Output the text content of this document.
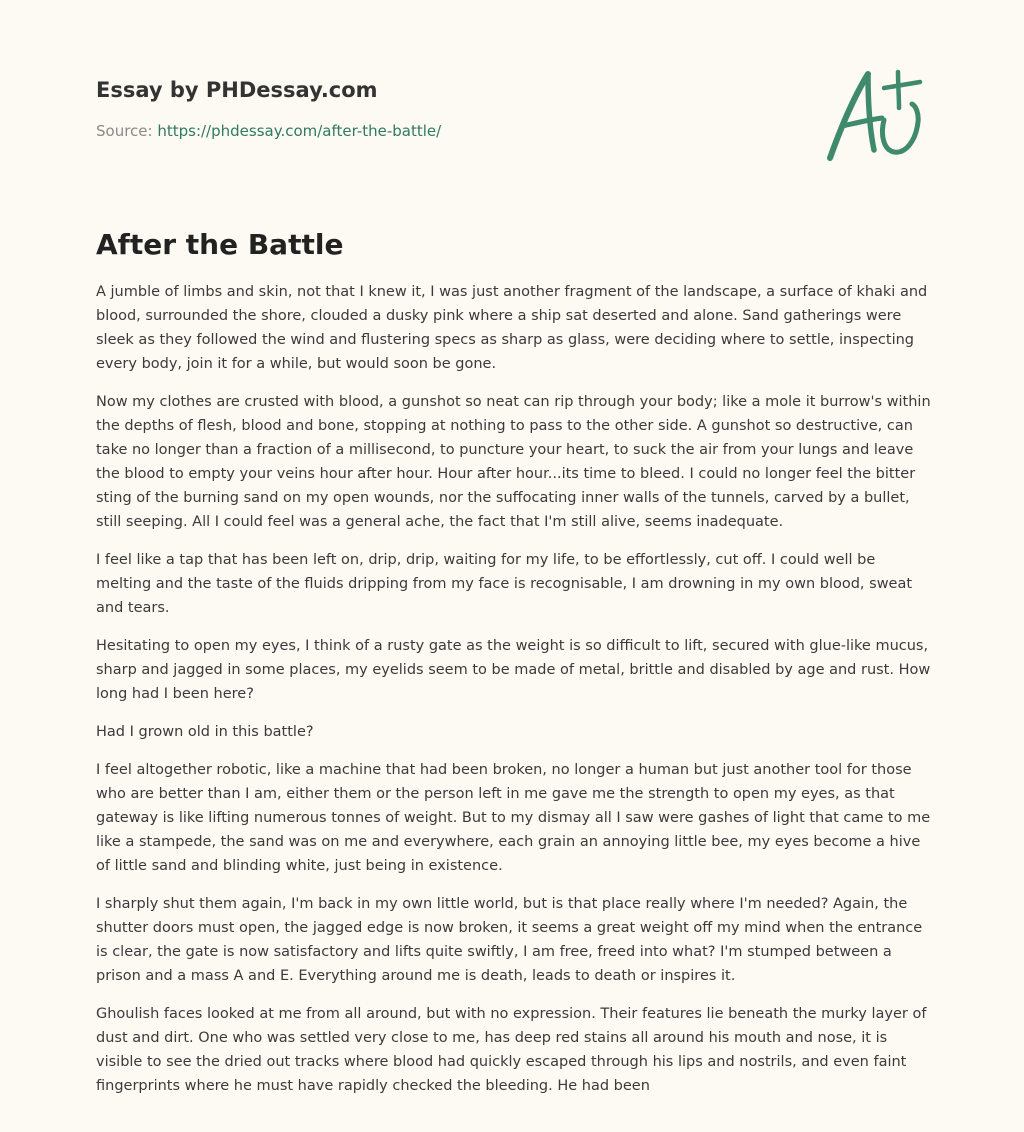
Essay by PHDessay.com
Source: https://phdessay.com/after-the-battle/
After the Battle

A jumble of limbs and skin, not that I knew it, I was just another fragment of the landscape, a surface of khaki and blood, surrounded the shore, clouded a dusky pink where a ship sat deserted and alone. Sand gatherings were sleek as they followed the wind and flustering specs as sharp as glass, were deciding where to settle, inspecting every body, join it for a while, but would soon be gone.

Now my clothes are crusted with blood, a gunshot so neat can rip through your body; like a mole it burrow's within the depths of flesh, blood and bone, stopping at nothing to pass to the other side. A gunshot so destructive, can take no longer than a fraction of a millisecond, to puncture your heart, to suck the air from your lungs and leave the blood to empty your veins hour after hour. Hour after hour...its time to bleed. I could no longer feel the bitter sting of the burning sand on my open wounds, nor the suffocating inner walls of the tunnels, carved by a bullet, still seeping. All I could feel was a general ache, the fact that I'm still alive, seems inadequate.

I feel like a tap that has been left on, drip, drip, waiting for my life, to be effortlessly, cut off. I could well be melting and the taste of the fluids dripping from my face is recognisable, I am drowning in my own blood, sweat and tears.

Hesitating to open my eyes, I think of a rusty gate as the weight is so difficult to lift, secured with glue-like mucus, sharp and jagged in some places, my eyelids seem to be made of metal, brittle and disabled by age and rust. How long had I been here?

Had I grown old in this battle?

I feel altogether robotic, like a machine that had been broken, no longer a human but just another tool for those who are better than I am, either them or the person left in me gave me the strength to open my eyes, as that gateway is like lifting numerous tonnes of weight. But to my dismay all I saw were gashes of light that came to me like a stampede, the sand was on me and everywhere, each grain an annoying little bee, my eyes become a hive of little sand and blinding white, just being in existence.

I sharply shut them again, I'm back in my own little world, but is that place really where I'm needed? Again, the shutter doors must open, the jagged edge is now broken, it seems a great weight off my mind when the entrance is clear, the gate is now satisfactory and lifts quite swiftly, I am free, freed into what? I'm stumped between a prison and a mass A and E. Everything around me is death, leads to death or inspires it.

Ghoulish faces looked at me from all around, but with no expression. Their features lie beneath the murky layer of dust and dirt. One who was settled very close to me, has deep red stains all around his mouth and nose, it is visible to see the dried out tracks where blood had quickly escaped through his lips and nostrils, and even faint fingerprints where he must have rapidly checked the bleeding. He had been
